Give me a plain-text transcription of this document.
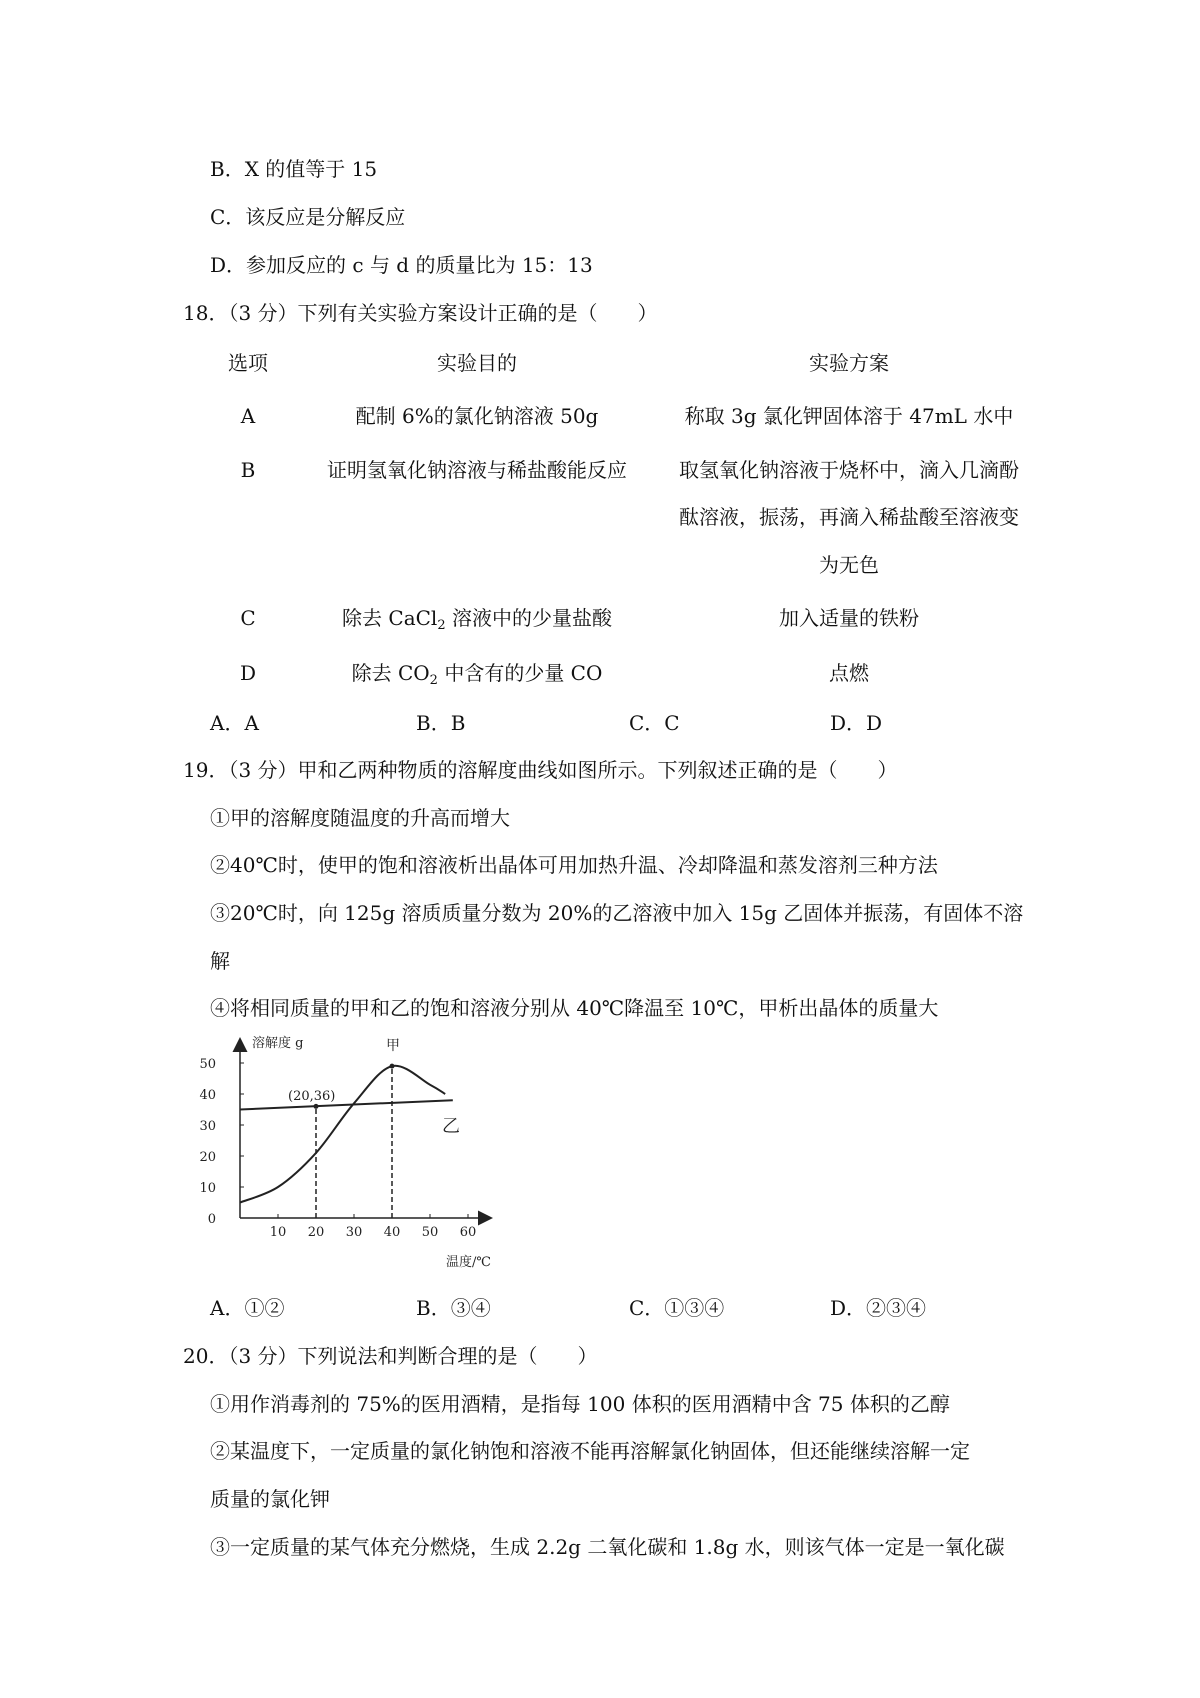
B．X 的值等于 15
C．该反应是分解反应
D．参加反应的 c 与 d 的质量比为 15：13
18．（3 分）下列有关实验方案设计正确的是（　　）
选项	实验目的	实验方案
A	配制 6%的氯化钠溶液 50g	称取 3g 氯化钾固体溶于 47mL 水中
B	证明氢氧化钠溶液与稀盐酸能反应	取氢氧化钠溶液于烧杯中，滴入几滴酚
酞溶液，振荡，再滴入稀盐酸至溶液变
为无色
C	除去 CaCl$_2$ 溶液中的少量盐酸	加入适量的铁粉
D	除去 $CO_2$ 中含有的少量 CO	点燃
A．A	B．B	C．C	D．D
19．（3 分）甲和乙两种物质的溶解度曲线如图所示。下列叙述正确的是（　　）
①甲的溶解度随温度的升高而增大
②40℃时，使甲的饱和溶液析出晶体可用加热升温、冷却降温和蒸发溶剂三种方法
③20℃时，向 125g 溶质质量分数为 20%的乙溶液中加入 15g 乙固体并振荡，有固体不溶
解
④将相同质量的甲和乙的饱和溶液分别从 40℃降温至 10℃，甲析出晶体的质量大
溶解度 g
温度/℃
10 20 30 40 50 60
0
10
20
30
40
50
(20,36)
甲
乙
A．①②	B．③④	C．①③④	D．②③④
20．（3 分）下列说法和判断合理的是（　　）
①用作消毒剂的 75%的医用酒精，是指每 100 体积的医用酒精中含 75 体积的乙醇
②某温度下，一定质量的氯化钠饱和溶液不能再溶解氯化钠固体，但还能继续溶解一定
质量的氯化钾
③一定质量的某气体充分燃烧，生成 2.2g 二氧化碳和 1.8g 水，则该气体一定是一氧化碳
